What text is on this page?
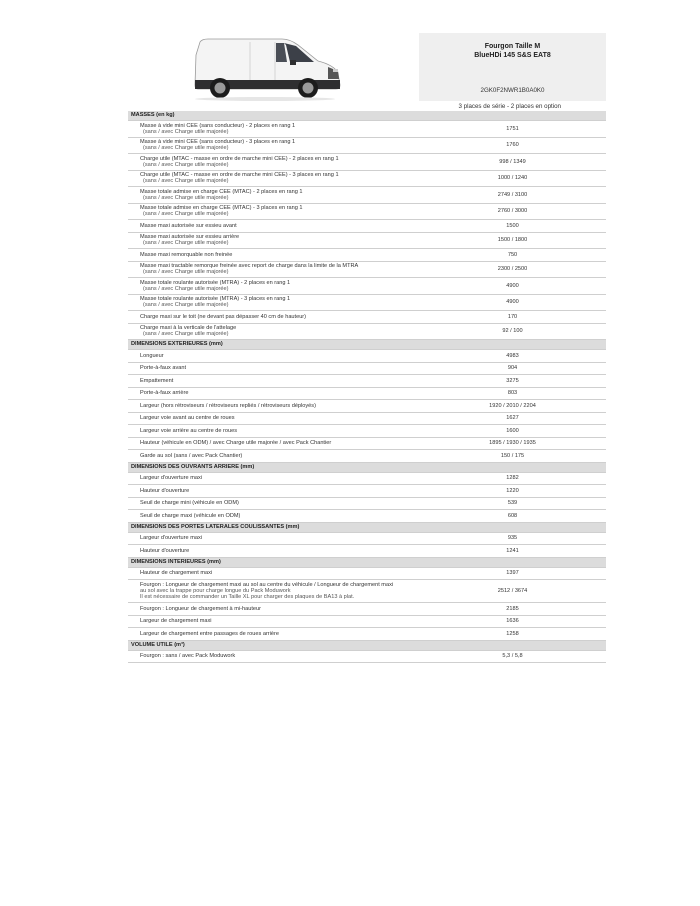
Fourgon Taille M
BlueHDi 145 S&S EAT8
2GK0F2NWR1B0A0K0
3 places de série - 2 places en option
MASSES (en kg)	

Masse à vide mini CEE (sans conducteur) - 2 places en rang 1
(sans / avec Charge utile majorée)	1751

Masse à vide mini CEE (sans conducteur) - 3 places en rang 1
(sans / avec Charge utile majorée)	1760

Charge utile (MTAC - masse en ordre de marche mini CEE) - 2 places en rang 1
(sans / avec Charge utile majorée)	998 / 1349

Charge utile (MTAC - masse en ordre de marche mini CEE) - 3 places en rang 1
(sans / avec Charge utile majorée)	1000 / 1240

Masse totale admise en charge CEE (MTAC) - 2 places en rang 1
(sans / avec Charge utile majorée)	2749 / 3100

Masse totale admise en charge CEE (MTAC) - 3 places en rang 1
(sans / avec Charge utile majorée)	2760 / 3000

Masse maxi autorisée sur essieu avant	1500

Masse maxi autorisée sur essieu arrière
(sans / avec Charge utile majorée)	1500 / 1800

Masse maxi remorquable non freinée	750

Masse maxi tractable remorque freinée avec report de charge dans la limite de la MTRA
(sans / avec Charge utile majorée)	2300 / 2500

Masse totale roulante autorisée (MTRA) - 2 places en rang 1
(sans / avec Charge utile majorée)	4900

Masse totale roulante autorisée (MTRA) - 3 places en rang 1
(sans / avec Charge utile majorée)	4900

Charge maxi sur le toit (ne devant pas dépasser 40 cm de hauteur)	170

Charge maxi à la verticale de l'attelage
(sans / avec Charge utile majorée)	92 / 100
DIMENSIONS EXTERIEURES (mm)	

Longueur	4983

Porte-à-faux avant	904

Empattement	3275

Porte-à-faux arrière	803

Largeur (hors rétroviseurs / rétroviseurs repliés / rétroviseurs déployés)	1920 / 2010 / 2204

Largeur voie avant au centre de roues	1627

Largeur voie arrière au centre de roues	1600

Hauteur (véhicule en ODM) / avec Charge utile majorée / avec Pack Chantier	1895 / 1930 / 1935

Garde au sol (sans / avec Pack Chantier)	150 / 175
DIMENSIONS DES OUVRANTS ARRIERE (mm)	

Largeur d'ouverture maxi	1282

Hauteur d'ouverture	1220

Seuil de charge mini (véhicule en ODM)	539

Seuil de charge maxi (véhicule en ODM)	608
DIMENSIONS DES PORTES LATERALES COULISSANTES (mm)	

Largeur d'ouverture maxi	935

Hauteur d'ouverture	1241
DIMENSIONS INTERIEURES (mm)	

Hauteur de chargement maxi	1397

Fourgon : Longueur de chargement maxi au sol au centre du véhicule / Longueur de chargement maxi
au sol avec la trappe pour charge longue du Pack Moduwork
Il est nécessaire de commander un Taille XL pour charger des plaques de BA13 à plat.	2512 / 3674

Fourgon : Longueur de chargement à mi-hauteur	2185

Largeur de chargement maxi	1636

Largeur de chargement entre passages de roues arrière	1258
VOLUME UTILE (m³)	

Fourgon : sans / avec Pack Moduwork	5,3 / 5,8
